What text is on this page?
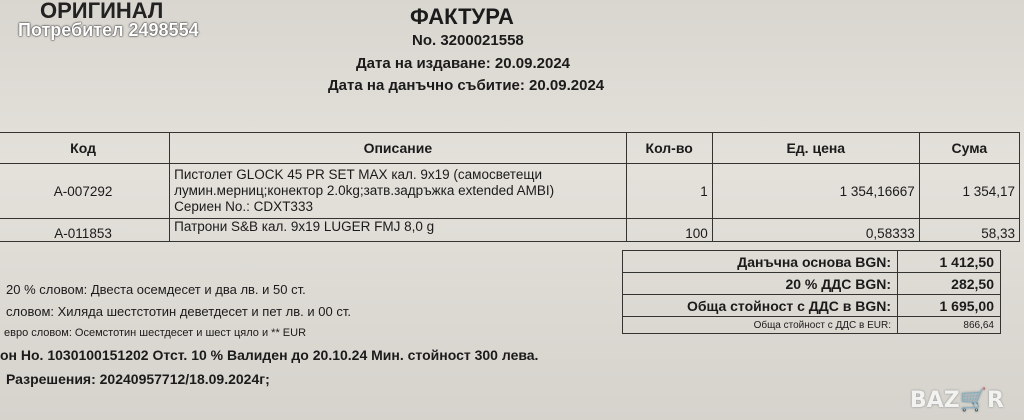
ОРИГИНАЛ
Потребител 2498554
ФАКТУРА
No. 3200021558
Дата на издаване: 20.09.2024
Дата на данъчно събитие: 20.09.2024
Код	Описание	Кол-во	Ед. цена	Сума
A-007292	Пистолет GLOCK 45 PR SET MAX кал. 9x19 (самосветещи
лумин.мерниц;конектор 2.0kg;затв.задръжка extended AMBI)
Сериен No.: CDXT333	1	1 354,16667	1 354,17
A-011853	Патрони S&B кал. 9x19 LUGER FMJ 8,0 g	100	0,58333	58,33
Данъчна основа BGN:	1 412,50
20 % ДДС BGN:	282,50
Обща стойност с ДДС в BGN:	1 695,00
Обща стойност с ДДС в EUR:	866,64
20 % словом: Двеста осемдесет и два лв. и 50 ст.
словом: Хиляда шестстотин деветдесет и пет лв. и 00 ст.
евро словом: Осемстотин шестдесет и шест цяло и ** EUR
он Но. 1030100151202 Отст. 10 % Валиден до 20.10.24 Мин. стойност 300 лева.
Разрешения: 20240957712/18.09.2024г;
BAZ🛒R
